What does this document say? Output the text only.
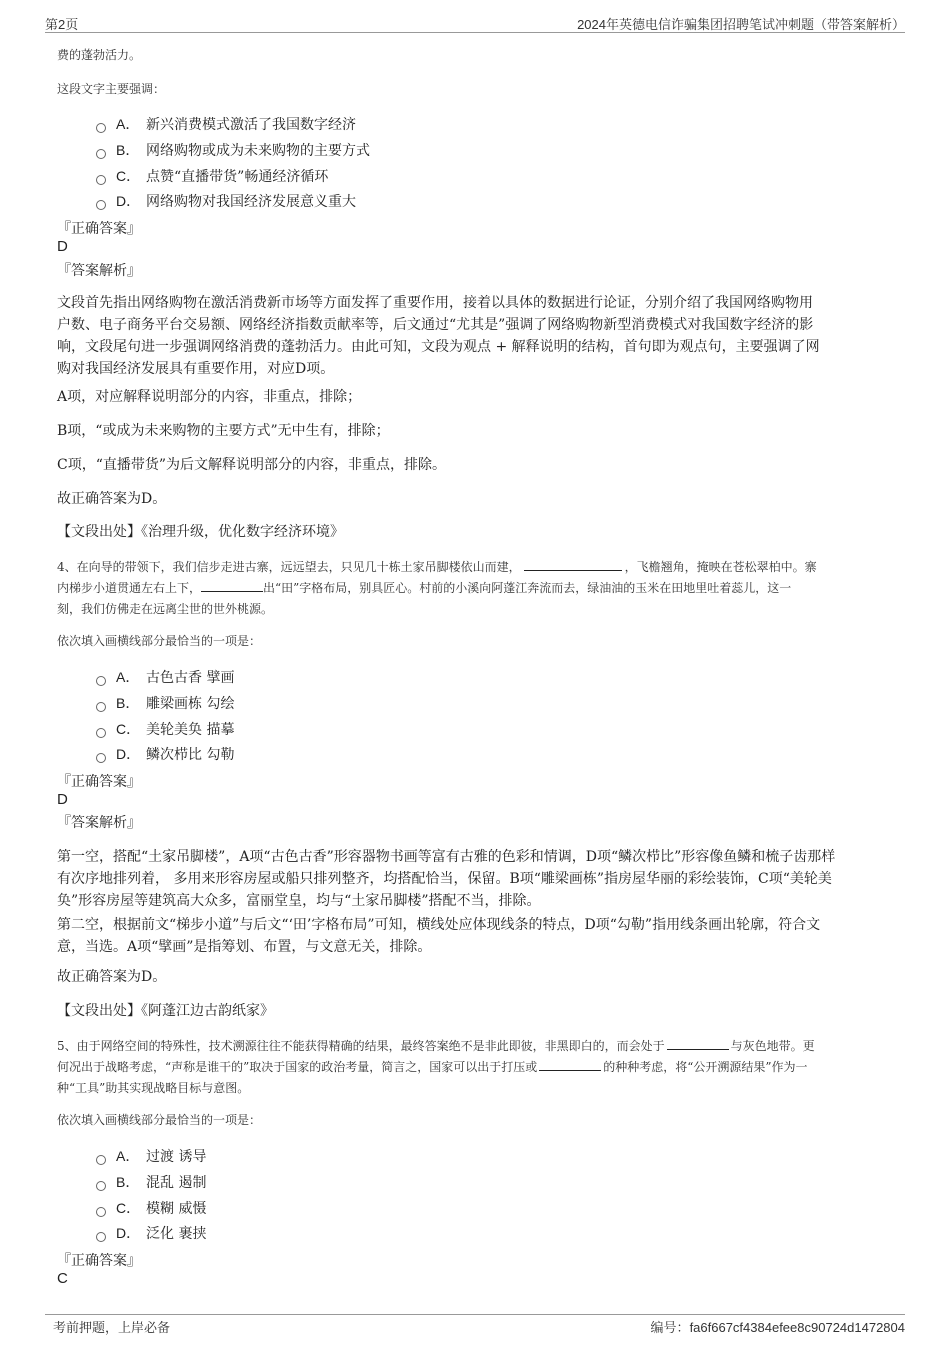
第2页	2024年英德电信诈骗集团招聘笔试冲刺题（带答案解析）
费的蓬勃活力。
这段文字主要强调：
A． 新兴消费模式激活了我国数字经济
B． 网络购物或成为未来购物的主要方式
C． 点赞“直播带货”畅通经济循环
D． 网络购物对我国经济发展意义重大
『正确答案』
D
『答案解析』
文段首先指出网络购物在激活消费新市场等方面发挥了重要作用，接着以具体的数据进行论证，分别介绍了我国网络购物用
户数、电子商务平台交易额、网络经济指数贡献率等，后文通过“尤其是”强调了网络购物新型消费模式对我国数字经济的影
响，文段尾句进一步强调网络消费的蓬勃活力。由此可知，文段为观点 + 解释说明的结构，首句即为观点句，主要强调了网
购对我国经济发展具有重要作用，对应D项。
A项，对应解释说明部分的内容，非重点，排除；
B项，“或成为未来购物的主要方式”无中生有，排除；
C项，“直播带货”为后文解释说明部分的内容，非重点，排除。
故正确答案为D。
【文段出处】《治理升级，优化数字经济环境》
4、在向导的带领下，我们信步走进古寨，远远望去，只见几十栋土家吊脚楼依山而建，	，飞檐翘角，掩映在苍松翠柏中。寨
内梯步小道贯通左右上下，	出“田”字格布局，别具匠心。村前的小溪向阿蓬江奔流而去，绿油油的玉米在田地里吐着蕊儿，这一
刻，我们仿佛走在远离尘世的世外桃源。
依次填入画横线部分最恰当的一项是：
A． 古色古香 擘画
B． 雕梁画栋 勾绘
C． 美轮美奂 描摹
D． 鳞次栉比 勾勒
『正确答案』
D
『答案解析』
第一空，搭配“土家吊脚楼”，A项“古色古香”形容器物书画等富有古雅的色彩和情调，D项“鳞次栉比”形容像鱼鳞和梳子齿那样
有次序地排列着， 多用来形容房屋或船只排列整齐，均搭配恰当，保留。B项“雕梁画栋”指房屋华丽的彩绘装饰，C项“美轮美
奂”形容房屋等建筑高大众多，富丽堂皇，均与“土家吊脚楼”搭配不当，排除。
第二空，根据前文“梯步小道”与后文“‘田’字格布局”可知，横线处应体现线条的特点，D项“勾勒”指用线条画出轮廓，符合文
意，当选。A项“擘画”是指筹划、布置，与文意无关，排除。
故正确答案为D。
【文段出处】《阿蓬江边古韵纸家》
5、由于网络空间的特殊性，技术溯源往往不能获得精确的结果，最终答案绝不是非此即彼，非黑即白的，而会处于	与灰色地带。更
何况出于战略考虑，“声称是谁干的”取决于国家的政治考量，简言之，国家可以出于打压或	的种种考虑，将“公开溯源结果”作为一
种“工具”助其实现战略目标与意图。
依次填入画横线部分最恰当的一项是：
A． 过渡 诱导
B． 混乱 遏制
C． 模糊 威慑
D． 泛化 裹挟
『正确答案』
C
考前押题，上岸必备	编号：fa6f667cf4384efee8c90724d1472804
